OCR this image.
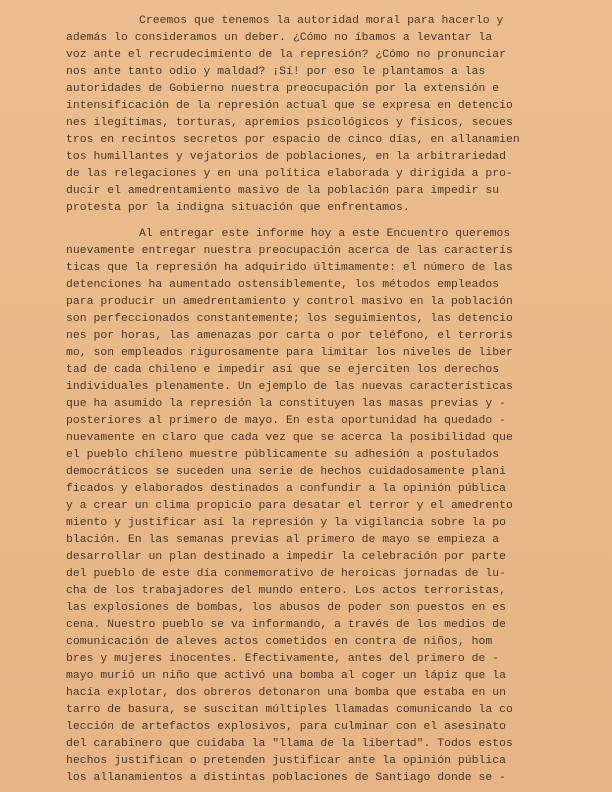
Creemos que tenemos la autoridad moral para hacerlo y
además lo consideramos un deber. ¿Cómo no íbamos a levantar la
voz ante el recrudecimiento de la represión? ¿Cómo no pronunciar
nos ante tanto odio y maldad? ¡Sí! por eso le plantamos a las
autoridades de Gobierno nuestra preocupación por la extensión e
intensificación de la represión actual que se expresa en detencio
nes ilegítimas, torturas, apremios psicológicos y físicos, secues
tros en recintos secretos por espacio de cinco días, en allanamien
tos humillantes y vejatorios de poblaciones, en la arbitrariedad
de las relegaciones y en una política elaborada y dirigida a pro-
ducir el amedrentamiento masivo de la población para impedir su
protesta por la indigna situación que enfrentamos.
Al entregar este informe hoy a este Encuentro queremos
nuevamente entregar nuestra preocupación acerca de las caracterís
ticas que la represión ha adquirido últimamente: el número de las
detenciones ha aumentado ostensiblemente, los métodos empleados
para producir un amedrentamiento y control masivo en la población
son perfeccionados constantemente; los seguimientos, las detencio
nes por horas, las amenazas por carta o por teléfono, el terroris
mo, son empleados rigurosamente para limitar los niveles de liber
tad de cada chileno e impedir así que se ejerciten los derechos
individuales plenamente. Un ejemplo de las nuevas características
que ha asumido la represión la constituyen las masas previas y -
posteriores al primero de mayo. En esta oportunidad ha quedado -
nuevamente en claro que cada vez que se acerca la posibilidad que
el pueblo chileno muestre públicamente su adhesión a postulados
democráticos se suceden una serie de hechos cuidadosamente plani
ficados y elaborados destinados a confundir a la opinión pública
y a crear un clima propicio para desatar el terror y el amedrento
miento y justificar así la represión y la vigilancia sobre la po
blación. En las semanas previas al primero de mayo se empieza a
desarrollar un plan destinado a impedir la celebración por parte
del pueblo de este día conmemorativo de heroicas jornadas de lu-
cha de los trabajadores del mundo entero. Los actos terroristas,
las explosiones de bombas, los abusos de poder son puestos en es
cena. Nuestro pueblo se va informando, a través de los medios de
comunicación de aleves actos cometidos en contra de niños, hom
bres y mujeres inocentes. Efectivamente, antes del primero de -
mayo murió un niño que activó una bomba al coger un lápiz que la
hacía explotar, dos obreros detonaron una bomba que estaba en un
tarro de basura, se suscitan múltiples llamadas comunicando la co
lección de artefactos explosivos, para culminar con el asesinato
del carabinero que cuidaba la "llama de la libertad". Todos estos
hechos justifican o pretenden justificar ante la opinión pública
los allanamientos a distintas poblaciones de Santiago donde se -
